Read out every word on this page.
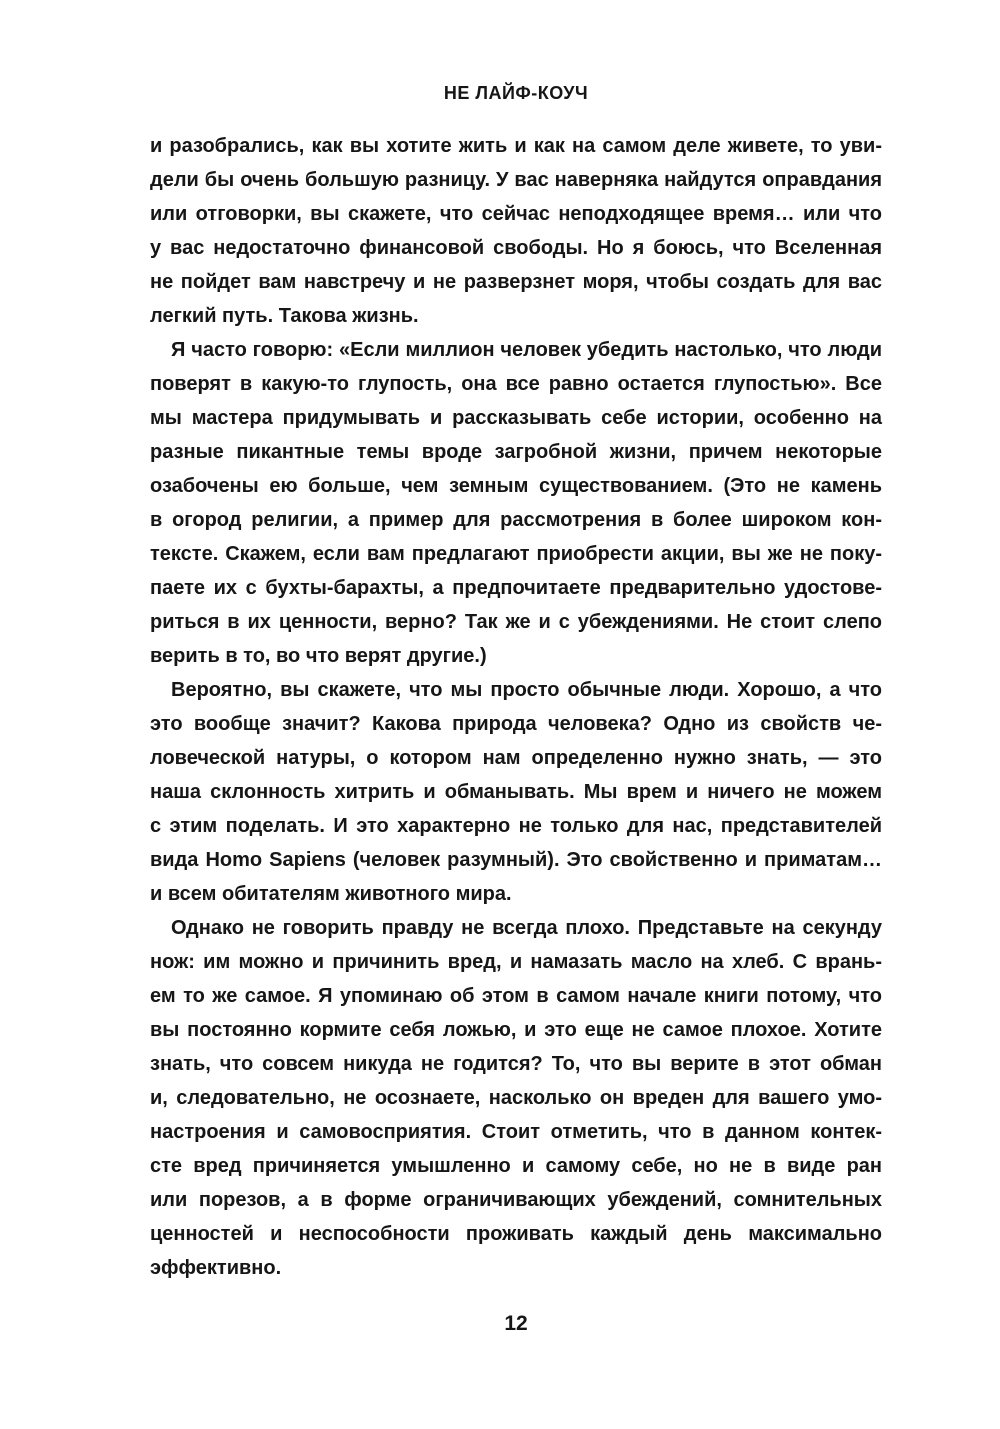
НЕ ЛАЙФ-КОУЧ
и разобрались, как вы хотите жить и как на самом деле живете, то уви-
дели бы очень большую разницу. У вас наверняка найдутся оправдания
или отговорки, вы скажете, что сейчас неподходящее время… или что
у вас недостаточно финансовой свободы. Но я боюсь, что Вселенная
не пойдет вам навстречу и не разверзнет моря, чтобы создать для вас
легкий путь. Такова жизнь.
Я часто говорю: «Если миллион человек убедить настолько, что люди
поверят в какую-то глупость, она все равно остается глупостью». Все
мы мастера придумывать и рассказывать себе истории, особенно на
разные пикантные темы вроде загробной жизни, причем некоторые
озабочены ею больше, чем земным существованием. (Это не камень
в огород религии, а пример для рассмотрения в более широком кон-
тексте. Скажем, если вам предлагают приобрести акции, вы же не поку-
паете их с бухты-барахты, а предпочитаете предварительно удостове-
риться в их ценности, верно? Так же и с убеждениями. Не стоит слепо
верить в то, во что верят другие.)
Вероятно, вы скажете, что мы просто обычные люди. Хорошо, а что
это вообще значит? Какова природа человека? Одно из свойств че-
ловеческой натуры, о котором нам определенно нужно знать, — это
наша склонность хитрить и обманывать. Мы врем и ничего не можем
с этим поделать. И это характерно не только для нас, представителей
вида Homo Sapiens (человек разумный). Это свойственно и приматам…
и всем обитателям животного мира.
Однако не говорить правду не всегда плохо. Представьте на секунду
нож: им можно и причинить вред, и намазать масло на хлеб. С врань-
ем то же самое. Я упоминаю об этом в самом начале книги потому, что
вы постоянно кормите себя ложью, и это еще не самое плохое. Хотите
знать, что совсем никуда не годится? То, что вы верите в этот обман
и, следовательно, не осознаете, насколько он вреден для вашего умо-
настроения и самовосприятия. Стоит отметить, что в данном контек-
сте вред причиняется умышленно и самому себе, но не в виде ран
или порезов, а в форме ограничивающих убеждений, сомнительных
ценностей и неспособности проживать каждый день максимально
эффективно.
12
